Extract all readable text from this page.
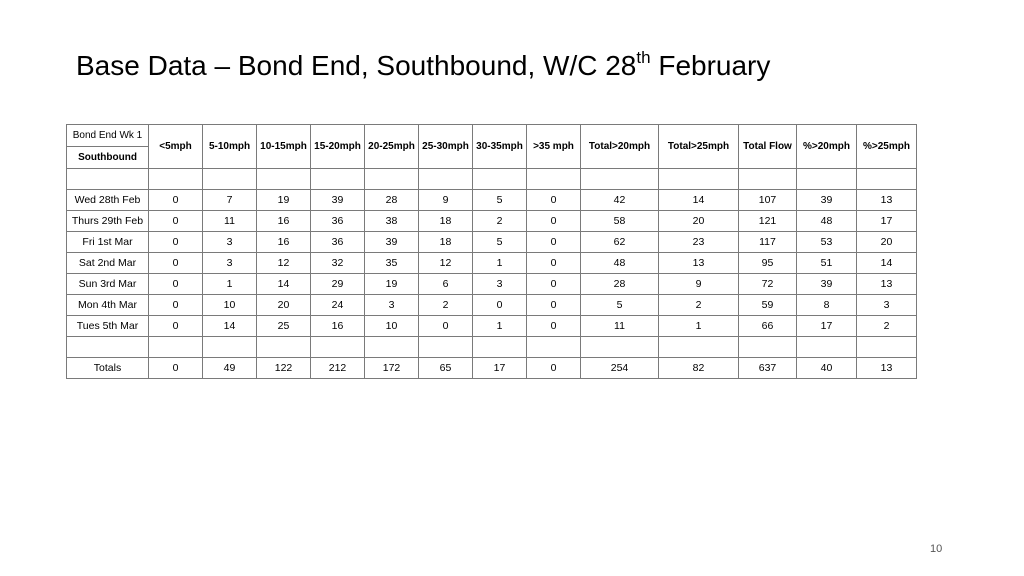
Base Data – Bond End, Southbound, W/C 28th February
Bond End Wk 1	<5mph	5-10mph	10-15mph	15-20mph	20-25mph	25-30mph	30-35mph	>35 mph	Total>20mph	Total>25mph	Total Flow	%>20mph	%>25mph
Southbound													

Wed 28th Feb	0	7	19	39	28	9	5	0	42	14	107	39	13
Thurs 29th Feb	0	11	16	36	38	18	2	0	58	20	121	48	17
Fri 1st Mar	0	3	16	36	39	18	5	0	62	23	117	53	20
Sat 2nd Mar	0	3	12	32	35	12	1	0	48	13	95	51	14
Sun 3rd Mar	0	1	14	29	19	6	3	0	28	9	72	39	13
Mon 4th Mar	0	10	20	24	3	2	0	0	5	2	59	8	3
Tues 5th Mar	0	14	25	16	10	0	1	0	11	1	66	17	2

Totals	0	49	122	212	172	65	17	0	254	82	637	40	13
10
